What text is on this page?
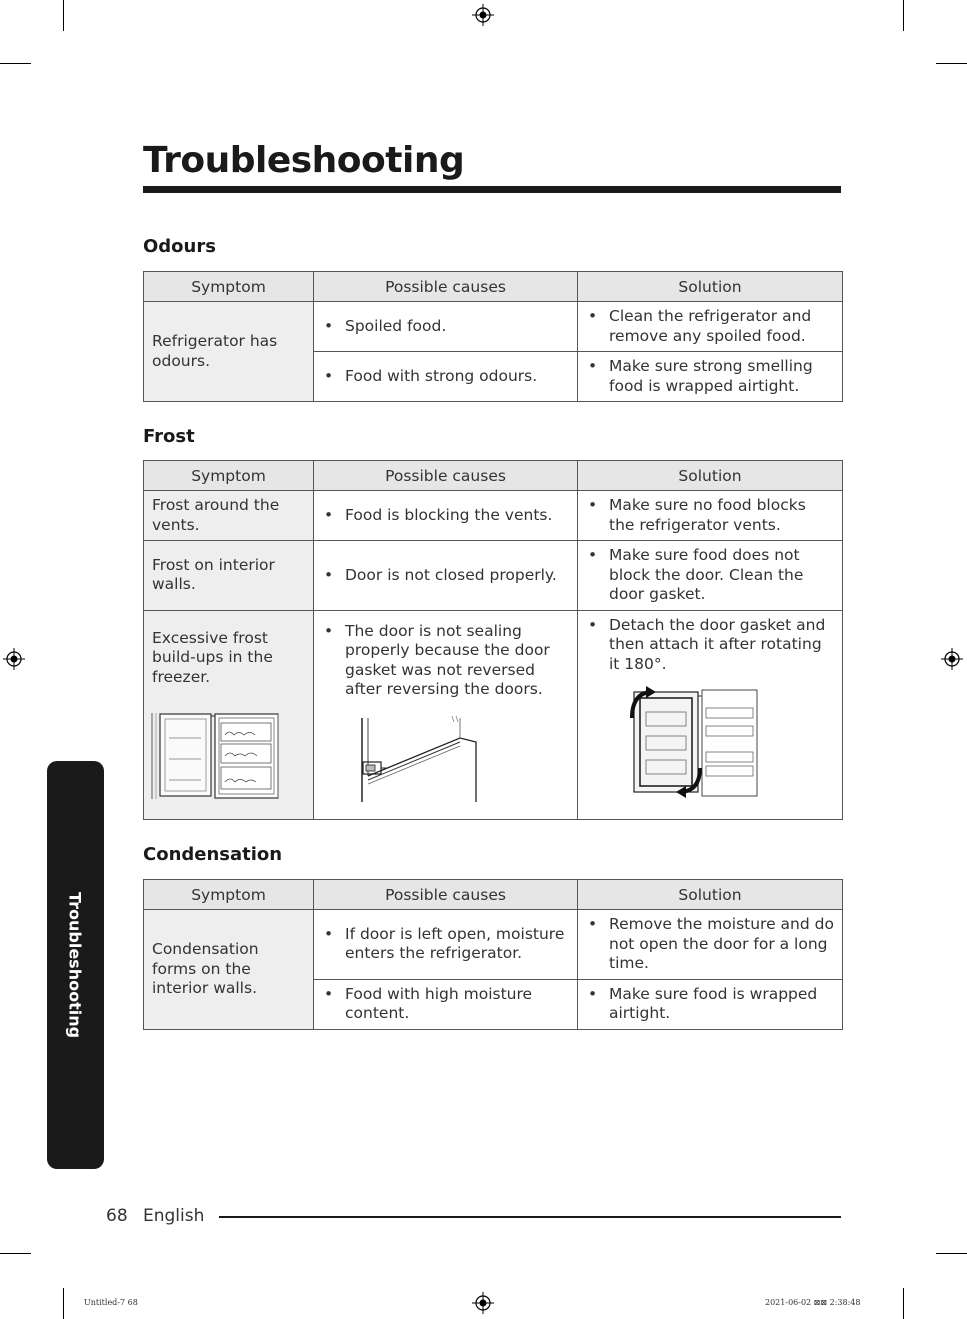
Troubleshooting
Odours
Symptom	Possible causes	Solution
Refrigerator has odours.	• Spoiled food.	• Clean the refrigerator and remove any spoiled food.

	• Food with strong odours.	• Make sure strong smelling food is wrapped airtight.
Frost
Symptom	Possible causes	Solution
Frost around the vents.	• Food is blocking the vents.	• Make sure no food blocks the refrigerator vents.

Frost on interior walls.	• Door is not closed properly.	• Make sure food does not block the door. Clean the door gasket.

Excessive frost build-ups in the freezer.	• The door is not sealing properly because the door gasket was not reversed after reversing the doors.	• Detach the door gasket and then attach it after rotating it 180°.
Condensation
Symptom	Possible causes	Solution
Condensation forms on the interior walls.	• If door is left open, moisture enters the refrigerator.	• Remove the moisture and do not open the door for a long time.

	• Food with high moisture content.	• Make sure food is wrapped airtight.
Troubleshooting
68 English
Untitled-7 68	2021-06-02 ⊠⊠ 2:38:48
